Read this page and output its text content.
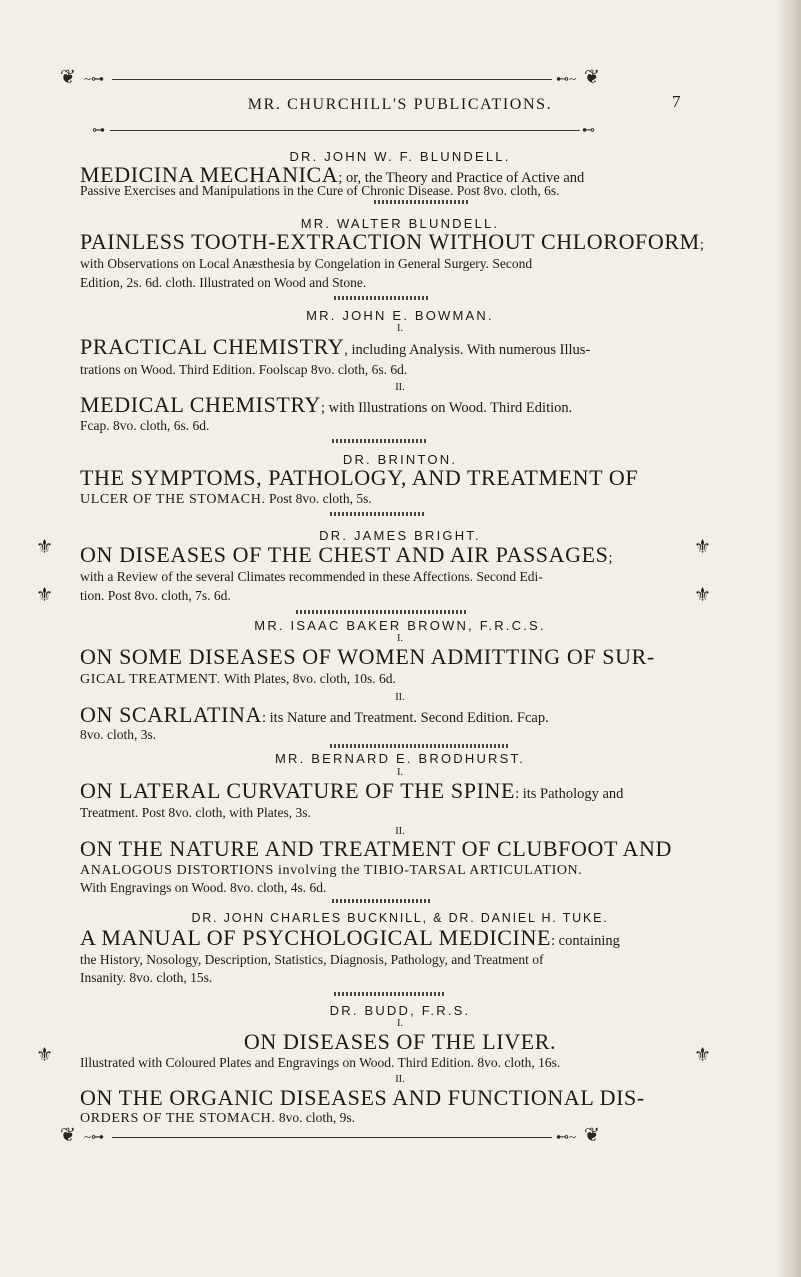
❦ ~⊶	⊷~ ❦
MR. CHURCHILL'S PUBLICATIONS.	7
⊶	⊷
⚜	⚜
⚜	⚜
⚜	⚜
DR. JOHN W. F. BLUNDELL.
MEDICINA MECHANICA; or, the Theory and Practice of Active and
Passive Exercises and Manipulations in the Cure of Chronic Disease. Post 8vo. cloth, 6s.
MR. WALTER BLUNDELL.
PAINLESS TOOTH-EXTRACTION WITHOUT CHLOROFORM;
with Observations on Local Anæsthesia by Congelation in General Surgery. Second
Edition, 2s. 6d. cloth. Illustrated on Wood and Stone.
MR. JOHN E. BOWMAN.
I.
PRACTICAL CHEMISTRY, including Analysis. With numerous Illus-
trations on Wood. Third Edition. Foolscap 8vo. cloth, 6s. 6d.
II.
MEDICAL CHEMISTRY; with Illustrations on Wood. Third Edition.
Fcap. 8vo. cloth, 6s. 6d.
DR. BRINTON.
THE SYMPTOMS, PATHOLOGY, AND TREATMENT OF
ULCER OF THE STOMACH. Post 8vo. cloth, 5s.
DR. JAMES BRIGHT.
ON DISEASES OF THE CHEST AND AIR PASSAGES;
with a Review of the several Climates recommended in these Affections. Second Edi-
tion. Post 8vo. cloth, 7s. 6d.
MR. ISAAC BAKER BROWN, F.R.C.S.
I.
ON SOME DISEASES OF WOMEN ADMITTING OF SUR-
GICAL TREATMENT. With Plates, 8vo. cloth, 10s. 6d.
II.
ON SCARLATINA: its Nature and Treatment. Second Edition. Fcap.
8vo. cloth, 3s.
MR. BERNARD E. BRODHURST.
I.
ON LATERAL CURVATURE OF THE SPINE: its Pathology and
Treatment. Post 8vo. cloth, with Plates, 3s.
II.
ON THE NATURE AND TREATMENT OF CLUBFOOT AND
ANALOGOUS DISTORTIONS involving the TIBIO-TARSAL ARTICULATION.
With Engravings on Wood. 8vo. cloth, 4s. 6d.
DR. JOHN CHARLES BUCKNILL, & DR. DANIEL H. TUKE.
A MANUAL OF PSYCHOLOGICAL MEDICINE: containing
the History, Nosology, Description, Statistics, Diagnosis, Pathology, and Treatment of
Insanity. 8vo. cloth, 15s.
DR. BUDD, F.R.S.
I.
ON DISEASES OF THE LIVER.
Illustrated with Coloured Plates and Engravings on Wood. Third Edition. 8vo. cloth, 16s.
II.
ON THE ORGANIC DISEASES AND FUNCTIONAL DIS-
ORDERS OF THE STOMACH. 8vo. cloth, 9s.
❦ ~⊶	⊷~ ❦
